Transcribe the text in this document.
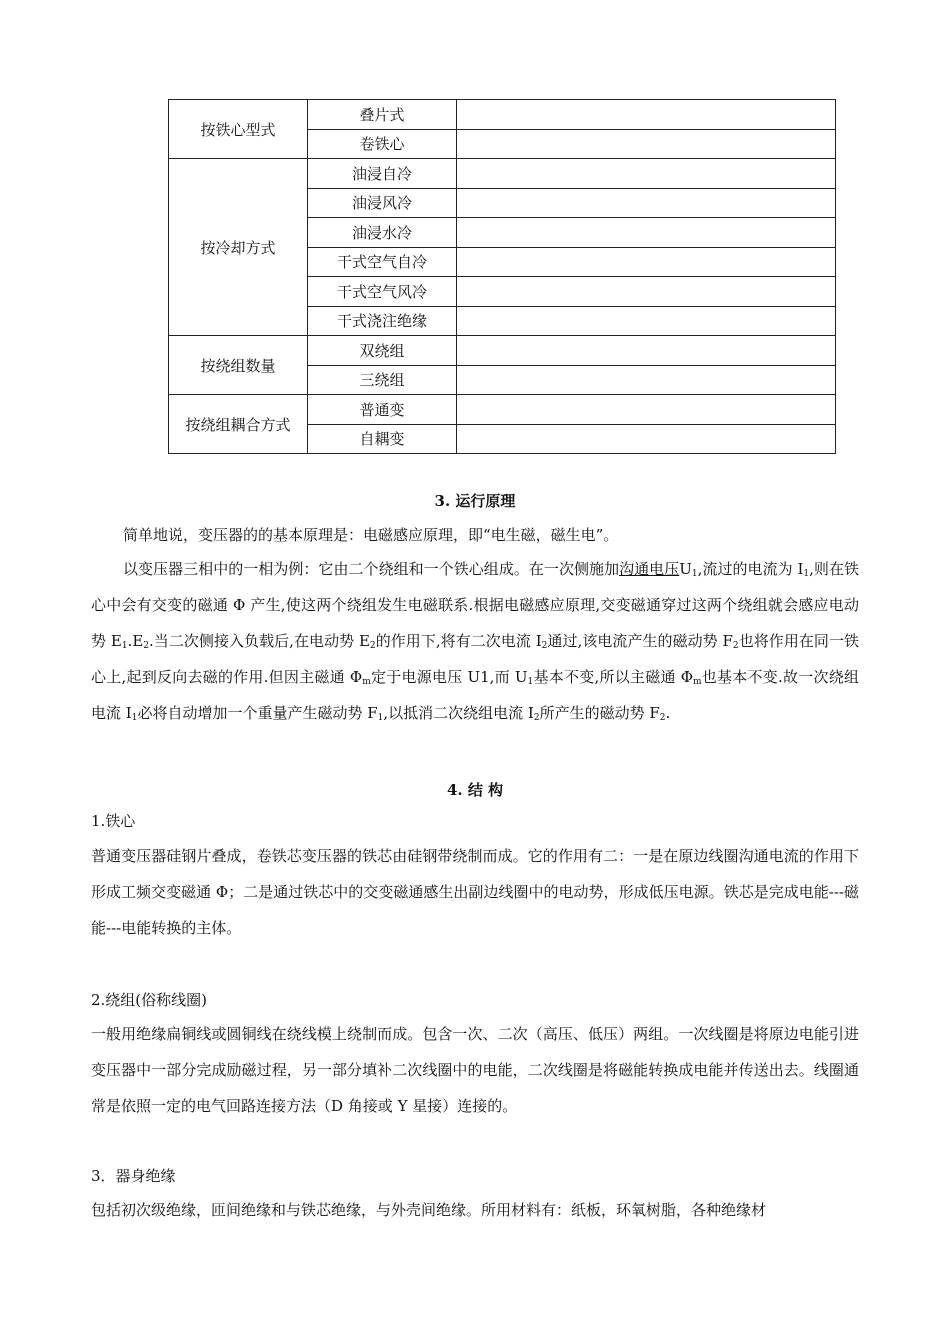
按铁心型式	叠片式	
	卷铁心	
按冷却方式	油浸自冷	
	油浸风冷	
	油浸水冷	
	干式空气自冷	
	干式空气风冷	
	干式浇注绝缘	
按绕组数量	双绕组	
	三绕组	
按绕组耦合方式	普通变	
	自耦变	
3. 运行原理

简单地说，变压器的的基本原理是：电磁感应原理，即“电生磁，磁生电”。

以变压器三相中的一相为例：它由二个绕组和一个铁心组成。在一次侧施加沟通电压$U_1$,流过的电流为 $I_1$,则在铁心中会有交变的磁通 Φ 产生,使这两个绕组发生电磁联系.根据电磁感应原理,交变磁通穿过这两个绕组就会感应电动势 $E_1.E_2$.当二次侧接入负载后,在电动势 $E_2$的作用下,将有二次电流 $I_2$通过,该电流产生的磁动势 $F_2$也将作用在同一铁心上,起到反向去磁的作用.但因主磁通 $\Phi_m$定于电源电压 U1,而 $U_1$基本不变,所以主磁通 $\Phi_m$也基本不变.故一次绕组电流 $I_1$必将自动增加一个重量产生磁动势 $F_1$,以抵消二次绕组电流 $I_2$所产生的磁动势 $F_2$.

4. 结 构

1.铁心

普通变压器硅钢片叠成，卷铁芯变压器的铁芯由硅钢带绕制而成。它的作用有二：一是在原边线圈沟通电流的作用下形成工频交变磁通 Φ；二是通过铁芯中的交变磁通感生出副边线圈中的电动势，形成低压电源。铁芯是完成电能---磁能---电能转换的主体。

2.绕组(俗称线圈)

一般用绝缘扁铜线或圆铜线在绕线模上绕制而成。包含一次、二次（高压、低压）两组。一次线圈是将原边电能引进变压器中一部分完成励磁过程，另一部分填补二次线圈中的电能，二次线圈是将磁能转换成电能并传送出去。线圈通常是依照一定的电气回路连接方法（D 角接或 Y 星接）连接的。

3．器身绝缘

包括初次级绝缘，匝间绝缘和与铁芯绝缘，与外壳间绝缘。所用材料有：纸板，环氧树脂，各种绝缘材
